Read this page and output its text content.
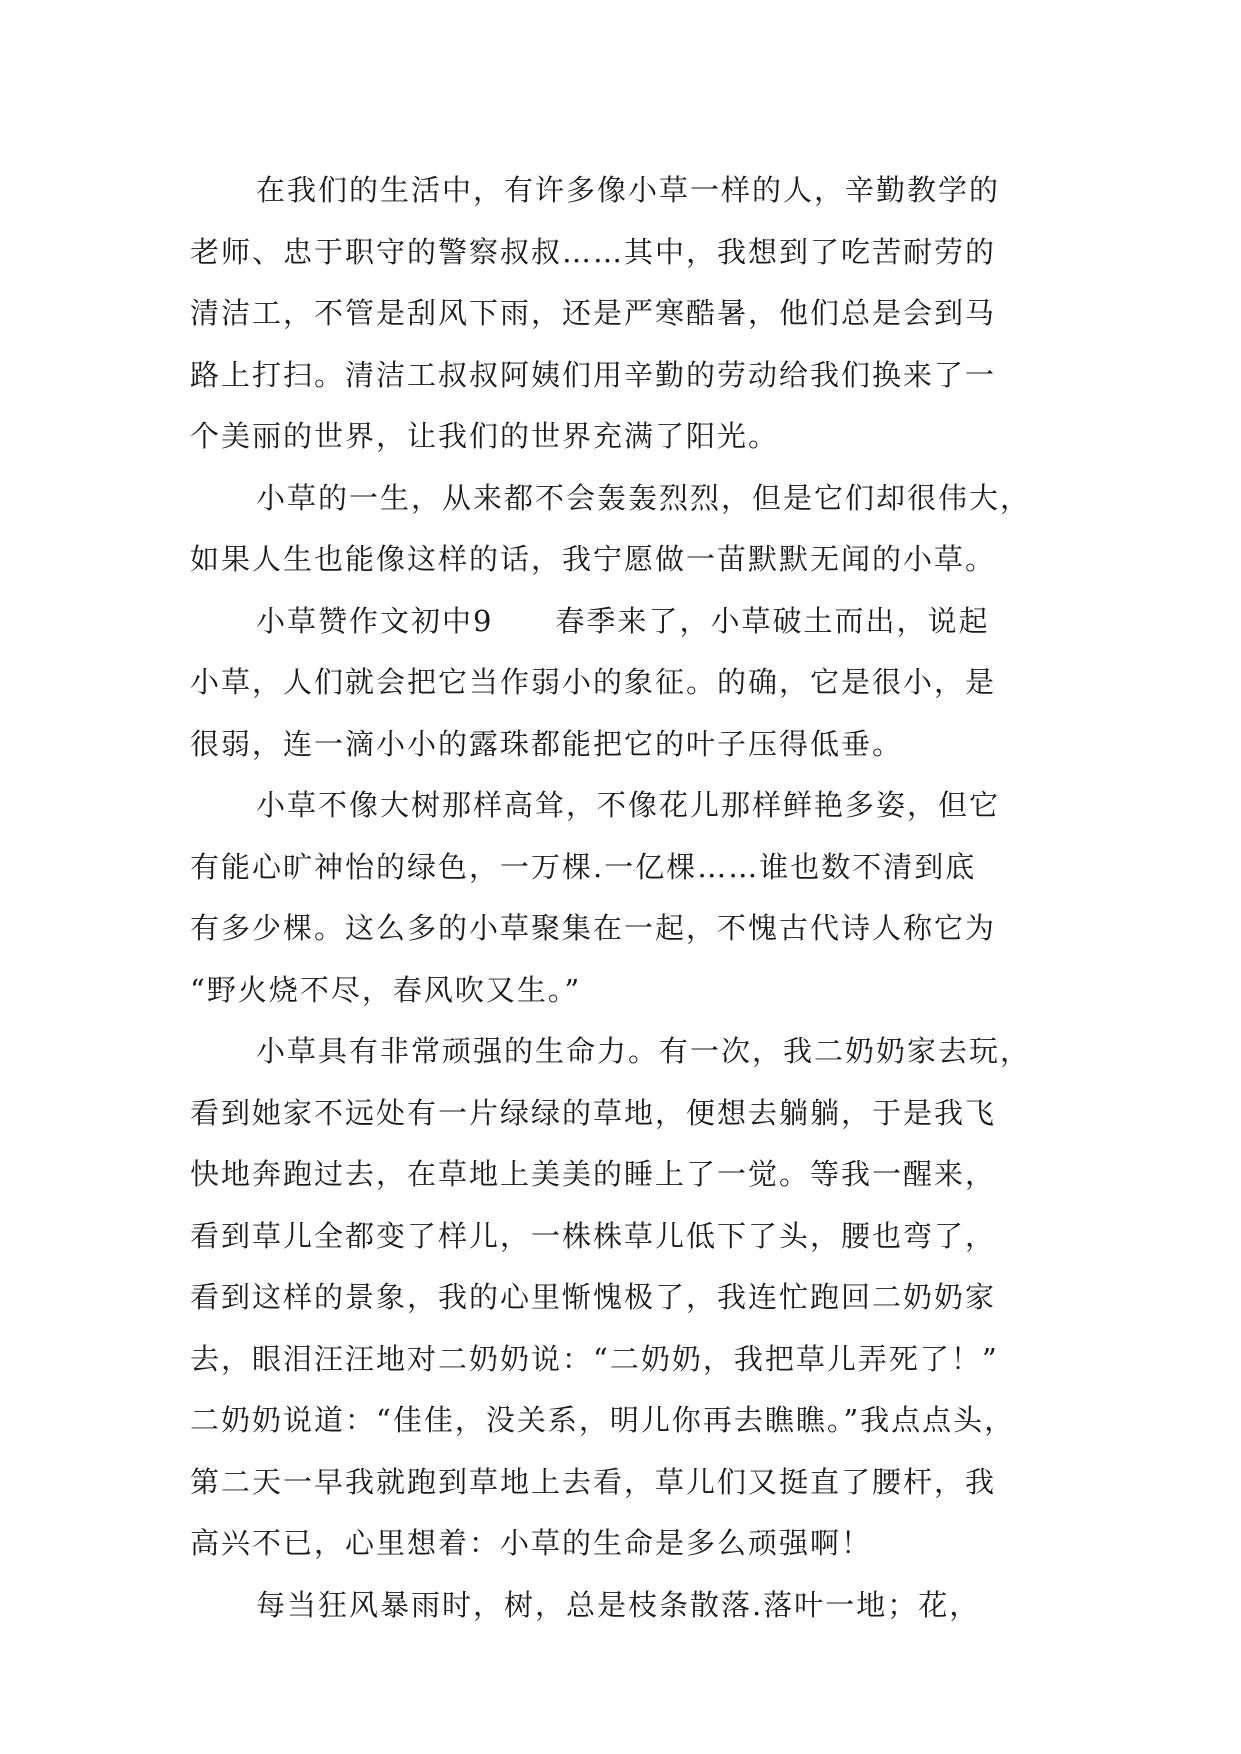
在我们的生活中，有许多像小草一样的人，辛勤教学的
老师、忠于职守的警察叔叔……其中，我想到了吃苦耐劳的
清洁工，不管是刮风下雨，还是严寒酷暑，他们总是会到马
路上打扫。清洁工叔叔阿姨们用辛勤的劳动给我们换来了一
个美丽的世界，让我们的世界充满了阳光。
小草的一生，从来都不会轰轰烈烈，但是它们却很伟大，
如果人生也能像这样的话，我宁愿做一苗默默无闻的小草。
小草赞作文初中9　　春季来了，小草破土而出，说起
小草，人们就会把它当作弱小的象征。的确，它是很小，是
很弱，连一滴小小的露珠都能把它的叶子压得低垂。
小草不像大树那样高耸，不像花儿那样鲜艳多姿，但它
有能心旷神怡的绿色，一万棵.一亿棵……谁也数不清到底
有多少棵。这么多的小草聚集在一起，不愧古代诗人称它为
“野火烧不尽，春风吹又生。”
小草具有非常顽强的生命力。有一次，我二奶奶家去玩，
看到她家不远处有一片绿绿的草地，便想去躺躺，于是我飞
快地奔跑过去，在草地上美美的睡上了一觉。等我一醒来，
看到草儿全都变了样儿，一株株草儿低下了头，腰也弯了，
看到这样的景象，我的心里惭愧极了，我连忙跑回二奶奶家
去，眼泪汪汪地对二奶奶说：“二奶奶，我把草儿弄死了！”
二奶奶说道：“佳佳，没关系，明儿你再去瞧瞧。”我点点头，
第二天一早我就跑到草地上去看，草儿们又挺直了腰杆，我
高兴不已，心里想着：小草的生命是多么顽强啊！
每当狂风暴雨时，树，总是枝条散落.落叶一地；花，
